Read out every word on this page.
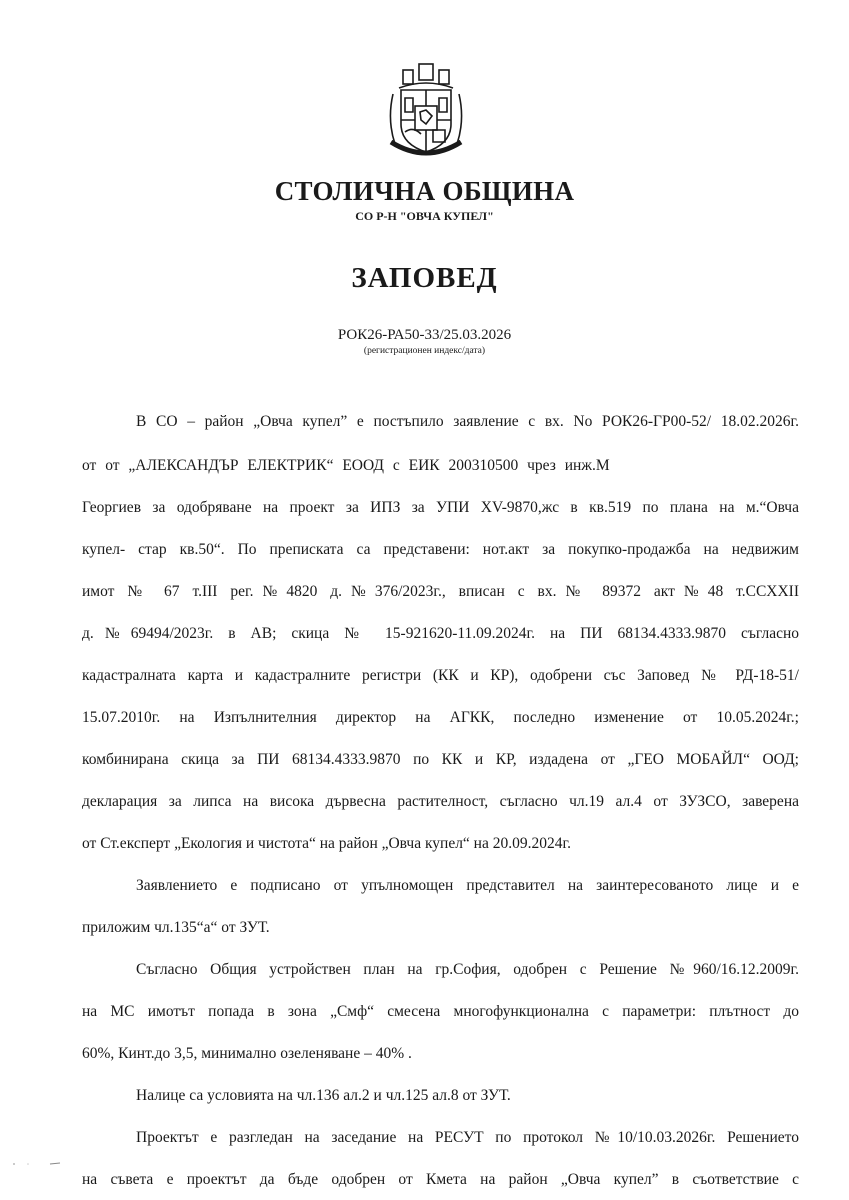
СТОЛИЧНА ОБЩИНА
СО Р-Н "ОВЧА КУПЕЛ"
ЗАПОВЕД
РОК26-РА50-33/25.03.2026
(регистрационен индекс/дата)
В СО – район „Овча купел” е постъпило заявление с вх. No РОК26-ГР00-52/ 18.02.2026г.
от от „АЛЕКСАНДЪР ЕЛЕКТРИК“ ЕООД с ЕИК 200310500 чрез инж.М
Георгиев за одобряване на проект за ИПЗ за УПИ XV-9870,жс в кв.519 по плана на м.“Овча
купел- стар кв.50“. По преписката са представени: нот.акт за покупко-продажба на недвижим
имот № 67 т.III рег.№4820 д.№376/2023г., вписан с вх.№ 89372 акт№48 т.CCXXII
д.№69494/2023г. в АВ; скица № 15-921620-11.09.2024г. на ПИ 68134.4333.9870 съгласно
кадастралната карта и кадастралните регистри (КК и КР), одобрени със Заповед № РД-18-51/
15.07.2010г. на Изпълнителния директор на АГКК, последно изменение от 10.05.2024г.;
комбинирана скица за ПИ 68134.4333.9870 по КК и КР, издадена от „ГЕО МОБАЙЛ“ ООД;
декларация за липса на висока дървесна растителност, съгласно чл.19 ал.4 от ЗУЗСО, заверена
от Ст.експерт „Екология и чистота“ на район „Овча купел“ на 20.09.2024г.
Заявлението е подписано от упълномощен представител на заинтересованото лице и е
приложим чл.135“а“ от ЗУТ.
Съгласно Общия устройствен план на гр.София, одобрен с Решение №960/16.12.2009г.
на МС имотът попада в зона „Смф“ смесена многофункционална с параметри: плътност до
60%, Кинт.до 3,5, минимално озеленяване – 40% .
Налице са условията на чл.136 ал.2 и чл.125 ал.8 от ЗУТ.
Проектът е разгледан на заседание на РЕСУТ по протокол №10/10.03.2026г. Решението
на съвета е проектът да бъде одобрен от Кмета на район „Овча купел” в съответствие с
